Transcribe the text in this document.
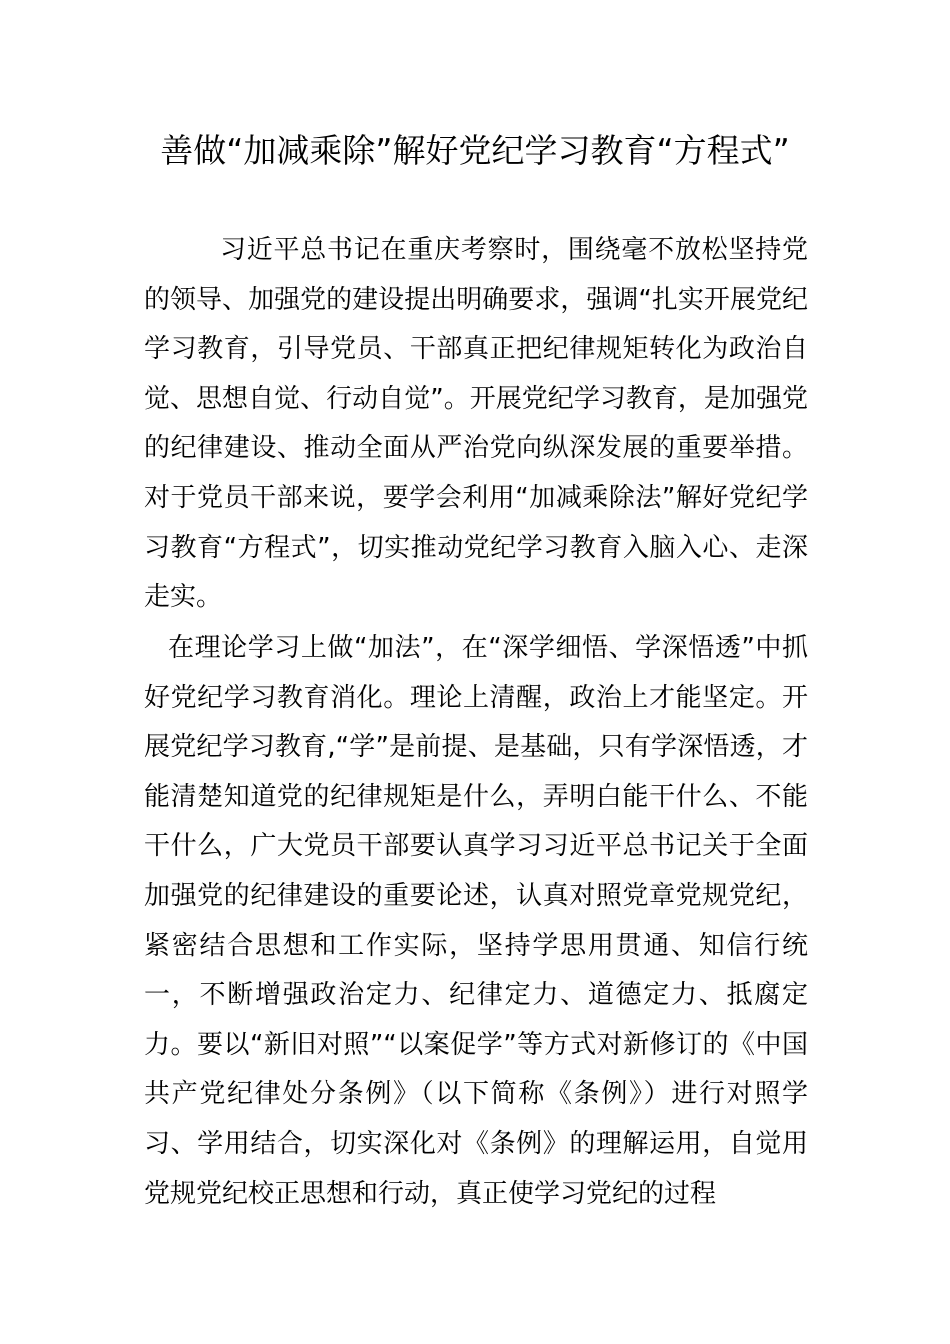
善做“加减乘除”解好党纪学习教育“方程式”

习近平总书记在重庆考察时，围绕毫不放松坚持党的领导、加强党的建设提出明确要求，强调“扎实开展党纪学习教育，引导党员、干部真正把纪律规矩转化为政治自觉、思想自觉、行动自觉”。开展党纪学习教育，是加强党的纪律建设、推动全面从严治党向纵深发展的重要举措。对于党员干部来说，要学会利用“加减乘除法”解好党纪学习教育“方程式”，切实推动党纪学习教育入脑入心、走深走实。

在理论学习上做“加法”，在“深学细悟、学深悟透”中抓好党纪学习教育消化。理论上清醒，政治上才能坚定。开展党纪学习教育,“学”是前提、是基础，只有学深悟透，才能清楚知道党的纪律规矩是什么，弄明白能干什么、不能干什么，广大党员干部要认真学习习近平总书记关于全面加强党的纪律建设的重要论述，认真对照党章党规党纪，紧密结合思想和工作实际，坚持学思用贯通、知信行统一，不断增强政治定力、纪律定力、道德定力、抵腐定力。要以“新旧对照”“以案促学”等方式对新修订的《中国共产党纪律处分条例》（以下简称《条例》）进行对照学习、学用结合，切实深化对《条例》的理解运用，自觉用党规党纪校正思想和行动，真正使学习党纪的过程
